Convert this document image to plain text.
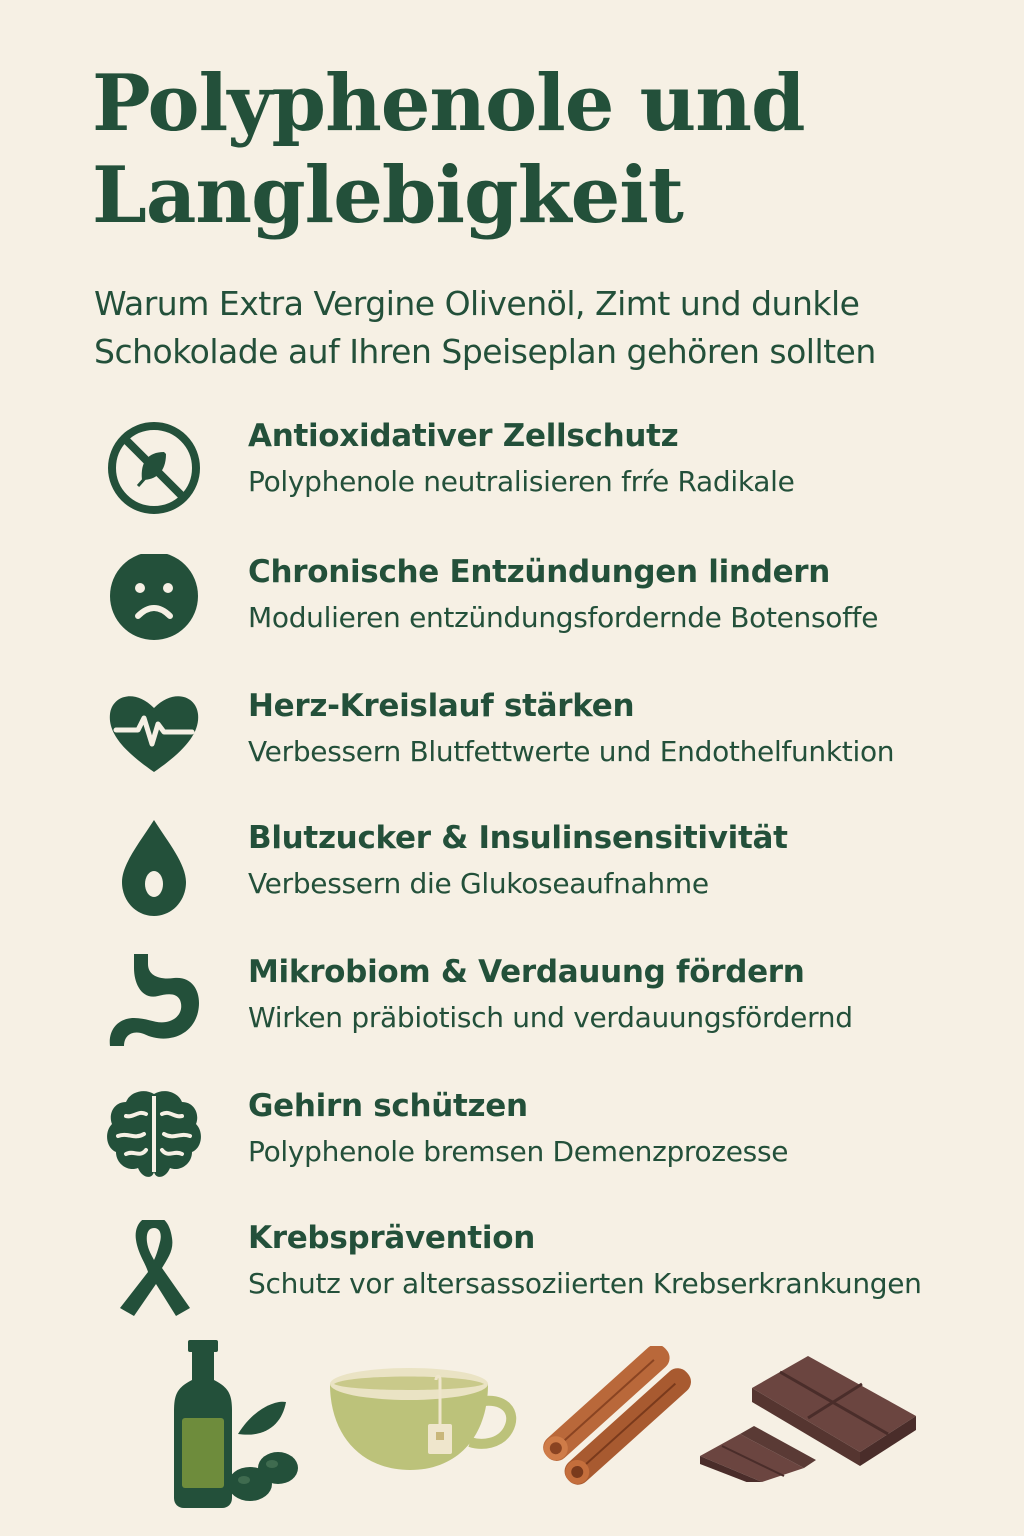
Polyphenole und Langlebigkeit

Warum Extra Vergine Olivenöl, Zimt und dunkle Schokolade auf Ihren Speiseplan gehören sollten

Antioxidativer Zellschutz

Polyphenole neutralisieren frŕe Radikale

Chronische Entzündungen lindern

Modulieren entzündungsfordernde Botensoffe

Herz-Kreislauf stärken

Verbessern Blutfettwerte und Endothelfunktion

Blutzucker & Insulinsensitivität

Verbessern die Glukoseaufnahme

Mikrobiom & Verdauung fördern

Wirken präbiotisch und verdauungsfördernd

Gehirn schützen

Polyphenole bremsen Demenzprozesse

Krebsprävention

Schutz vor altersassoziierten Krebserkrankungen
